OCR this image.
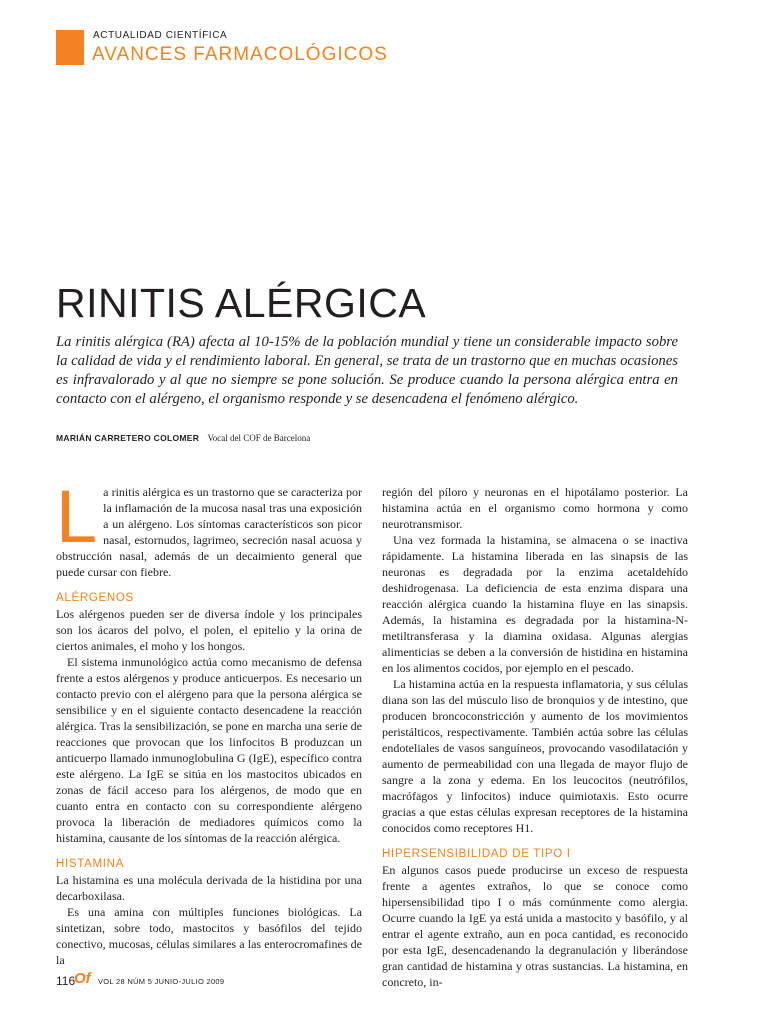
ACTUALIDAD CIENTÍFICA
AVANCES FARMACOLÓGICOS
RINITIS ALÉRGICA
La rinitis alérgica (RA) afecta al 10-15% de la población mundial y tiene un considerable impacto sobre la calidad de vida y el rendimiento laboral. En general, se trata de un trastorno que en muchas ocasiones es infravalorado y al que no siempre se pone solución. Se produce cuando la persona alérgica entra en contacto con el alérgeno, el organismo responde y se desencadena el fenómeno alérgico.
MARIÁN CARRETERO COLOMER Vocal del COF de Barcelona

La rinitis alérgica es un trastorno que se caracteriza por la inflamación de la mucosa nasal tras una exposición a un alérgeno. Los síntomas característicos son picor nasal, estornudos, lagrimeo, secreción nasal acuosa y obstrucción nasal, además de un decaimiento general que puede cursar con fiebre.

ALÉRGENOS

Los alérgenos pueden ser de diversa índole y los principales son los ácaros del polvo, el polen, el epitelio y la orina de ciertos animales, el moho y los hongos.

El sistema inmunológico actúa como mecanismo de defensa frente a estos alérgenos y produce anticuerpos. Es necesario un contacto previo con el alérgeno para que la persona alérgica se sensibilice y en el siguiente contacto desencadene la reacción alérgica. Tras la sensibilización, se pone en marcha una serie de reacciones que provocan que los linfocitos B produzcan un anticuerpo llamado inmunoglobulina G (IgE), específico contra este alérgeno. La IgE se sitúa en los mastocitos ubicados en zonas de fácil acceso para los alérgenos, de modo que en cuanto entra en contacto con su correspondiente alérgeno provoca la liberación de mediadores químicos como la histamina, causante de los síntomas de la reacción alérgica.

HISTAMINA

La histamina es una molécula derivada de la histidina por una decarboxilasa.

Es una amina con múltiples funciones biológicas. La sintetizan, sobre todo, mastocitos y basófilos del tejido conectivo, mucosas, células similares a las enterocromafines de la

región del píloro y neuronas en el hipotálamo posterior. La histamina actúa en el organismo como hormona y como neurotransmisor.

Una vez formada la histamina, se almacena o se inactiva rápidamente. La histamina liberada en las sinapsis de las neuronas es degradada por la enzima acetaldehído deshidrogenasa. La deficiencia de esta enzima dispara una reacción alérgica cuando la histamina fluye en las sinapsis. Además, la histamina es degradada por la histamina-N-metiltransferasa y la diamina oxidasa. Algunas alergias alimenticias se deben a la conversión de histidina en histamina en los alimentos cocidos, por ejemplo en el pescado.

La histamina actúa en la respuesta inflamatoria, y sus células diana son las del músculo liso de bronquios y de intestino, que producen broncoconstricción y aumento de los movimientos peristálticos, respectivamente. También actúa sobre las células endoteliales de vasos sanguíneos, provocando vasodilatación y aumento de permeabilidad con una llegada de mayor flujo de sangre a la zona y edema. En los leucocitos (neutrófilos, macrófagos y linfocitos) induce quimiotaxis. Esto ocurre gracias a que estas células expresan receptores de la histamina conocidos como receptores H1.

HIPERSENSIBILIDAD DE TIPO I

En algunos casos puede producirse un exceso de respuesta frente a agentes extraños, lo que se conoce como hipersensibilidad tipo I o más comúnmente como alergia. Ocurre cuando la IgE ya está unida a mastocito y basófilo, y al entrar el agente extraño, aun en poca cantidad, es reconocido por esta IgE, desencadenando la degranulación y liberándose gran cantidad de histamina y otras sustancias. La histamina, en concreto, in-

116
Of VOL 28 NÚM 5 JUNIO-JULIO 2009
